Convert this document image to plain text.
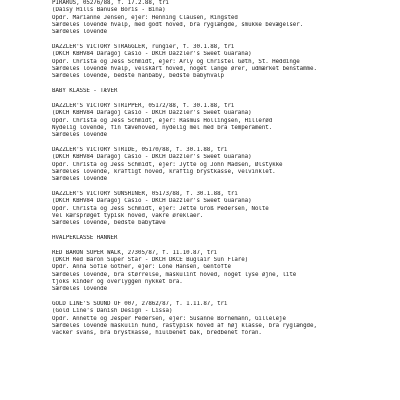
PIRARUS, 05276/88, f. 17.2.88, tri
(Daisy Hills Banuse Boris - Bina)
Opdr. Marianne Jensen, ejer: Henning Clausen, Ringsted
Særdeles lovende hvalp, med godt hoved, bra ryglængde, smukke bevægelser.
Særdeles lovende
DAZZLER'S VICTORY STRAGGLER, rungier, f. 30.1.88, tri
(DKCH KBHV84 Daragoj Casio - DKCH Dazzler's Sweet Guarana)
Opdr. Christa og Jess Schmidt, ejer: Arly og Christel Gøth, St. Heddinge
Særdeles lovende hvalp, velskårt hoved, noget lange ører, udmærket benstamme.
Særdeles lovende, bedste hanbaby, bedste babyhvalp
BABY KLASSE - TÆVER
DAZZLER'S VICTORY STRIPPER, 05172/88, f. 30.1.88, tri
(DKCH KBHV84 Daragoj Casio - DKCH Dazzler's Sweet Guarana)
Opdr. Christa og Jess Schmidt, ejer: Rasmus Hollingsen, Hillerød
Nydelig lovende, fin tævehoved, nydelig mel med bra temperament.
Særdeles lovende
DAZZLER'S VICTORY STRIDE, 05170/88, f. 30.1.88, tri
(DKCH KBHV84 Daragoj Casio - DKCH Dazzler's Sweet Guarana)
Opdr. Christa og Jess Schmidt, ejer: Jytte og John Madsen, Ølstykke
Særdeles lovende, kraftigt hoved, kraftig brystkasse, velvinklet.
Særdeles lovende
DAZZLER'S VICTORY SUNSHINER, 05173/88, f. 30.1.88, tri
(DKCH KBHV84 Daragoj Casio - DKCH Dazzler's Sweet Guarana)
Opdr. Christa og Jess Schmidt, ejer: Jette Groß Pedersen, Nolte
Vel kærsprøget typisk hoved, vakre øreklaer.
Særdeles lovende, bedste babytæve
HVALPEKLASSE HANNER
RED BARON SUPER WALK, 27305/87, f. 11.10.87, tri
(DKCH Red Baron Super Star - DKCH DKCE Buglair Sun Flare)
Opdr. Anna Sofie Gother, ejer: Lone Hansen, Gentofte
Særdeles lovende, bra størrelse, maskulint hoved, noget lyse øjne, lite
tjoks kinder og overlyggen nykket bra.
Særdeles lovende
GOLD LINE'S SOUND OF 007, 27862/87, f. 1.11.87, tri
(Gold Line's Danish Design - Lissa)
Opdr. Annette og Jesper Pedersen, ejer: Susanne Bornemann, Gilleleje
Særdeles lovende maskulin hund, rastypisk hoved af høj klasse, bra ryglængde,
vacker svans, bra brystkasse, hiulbenet bak, bredbenet foran.
